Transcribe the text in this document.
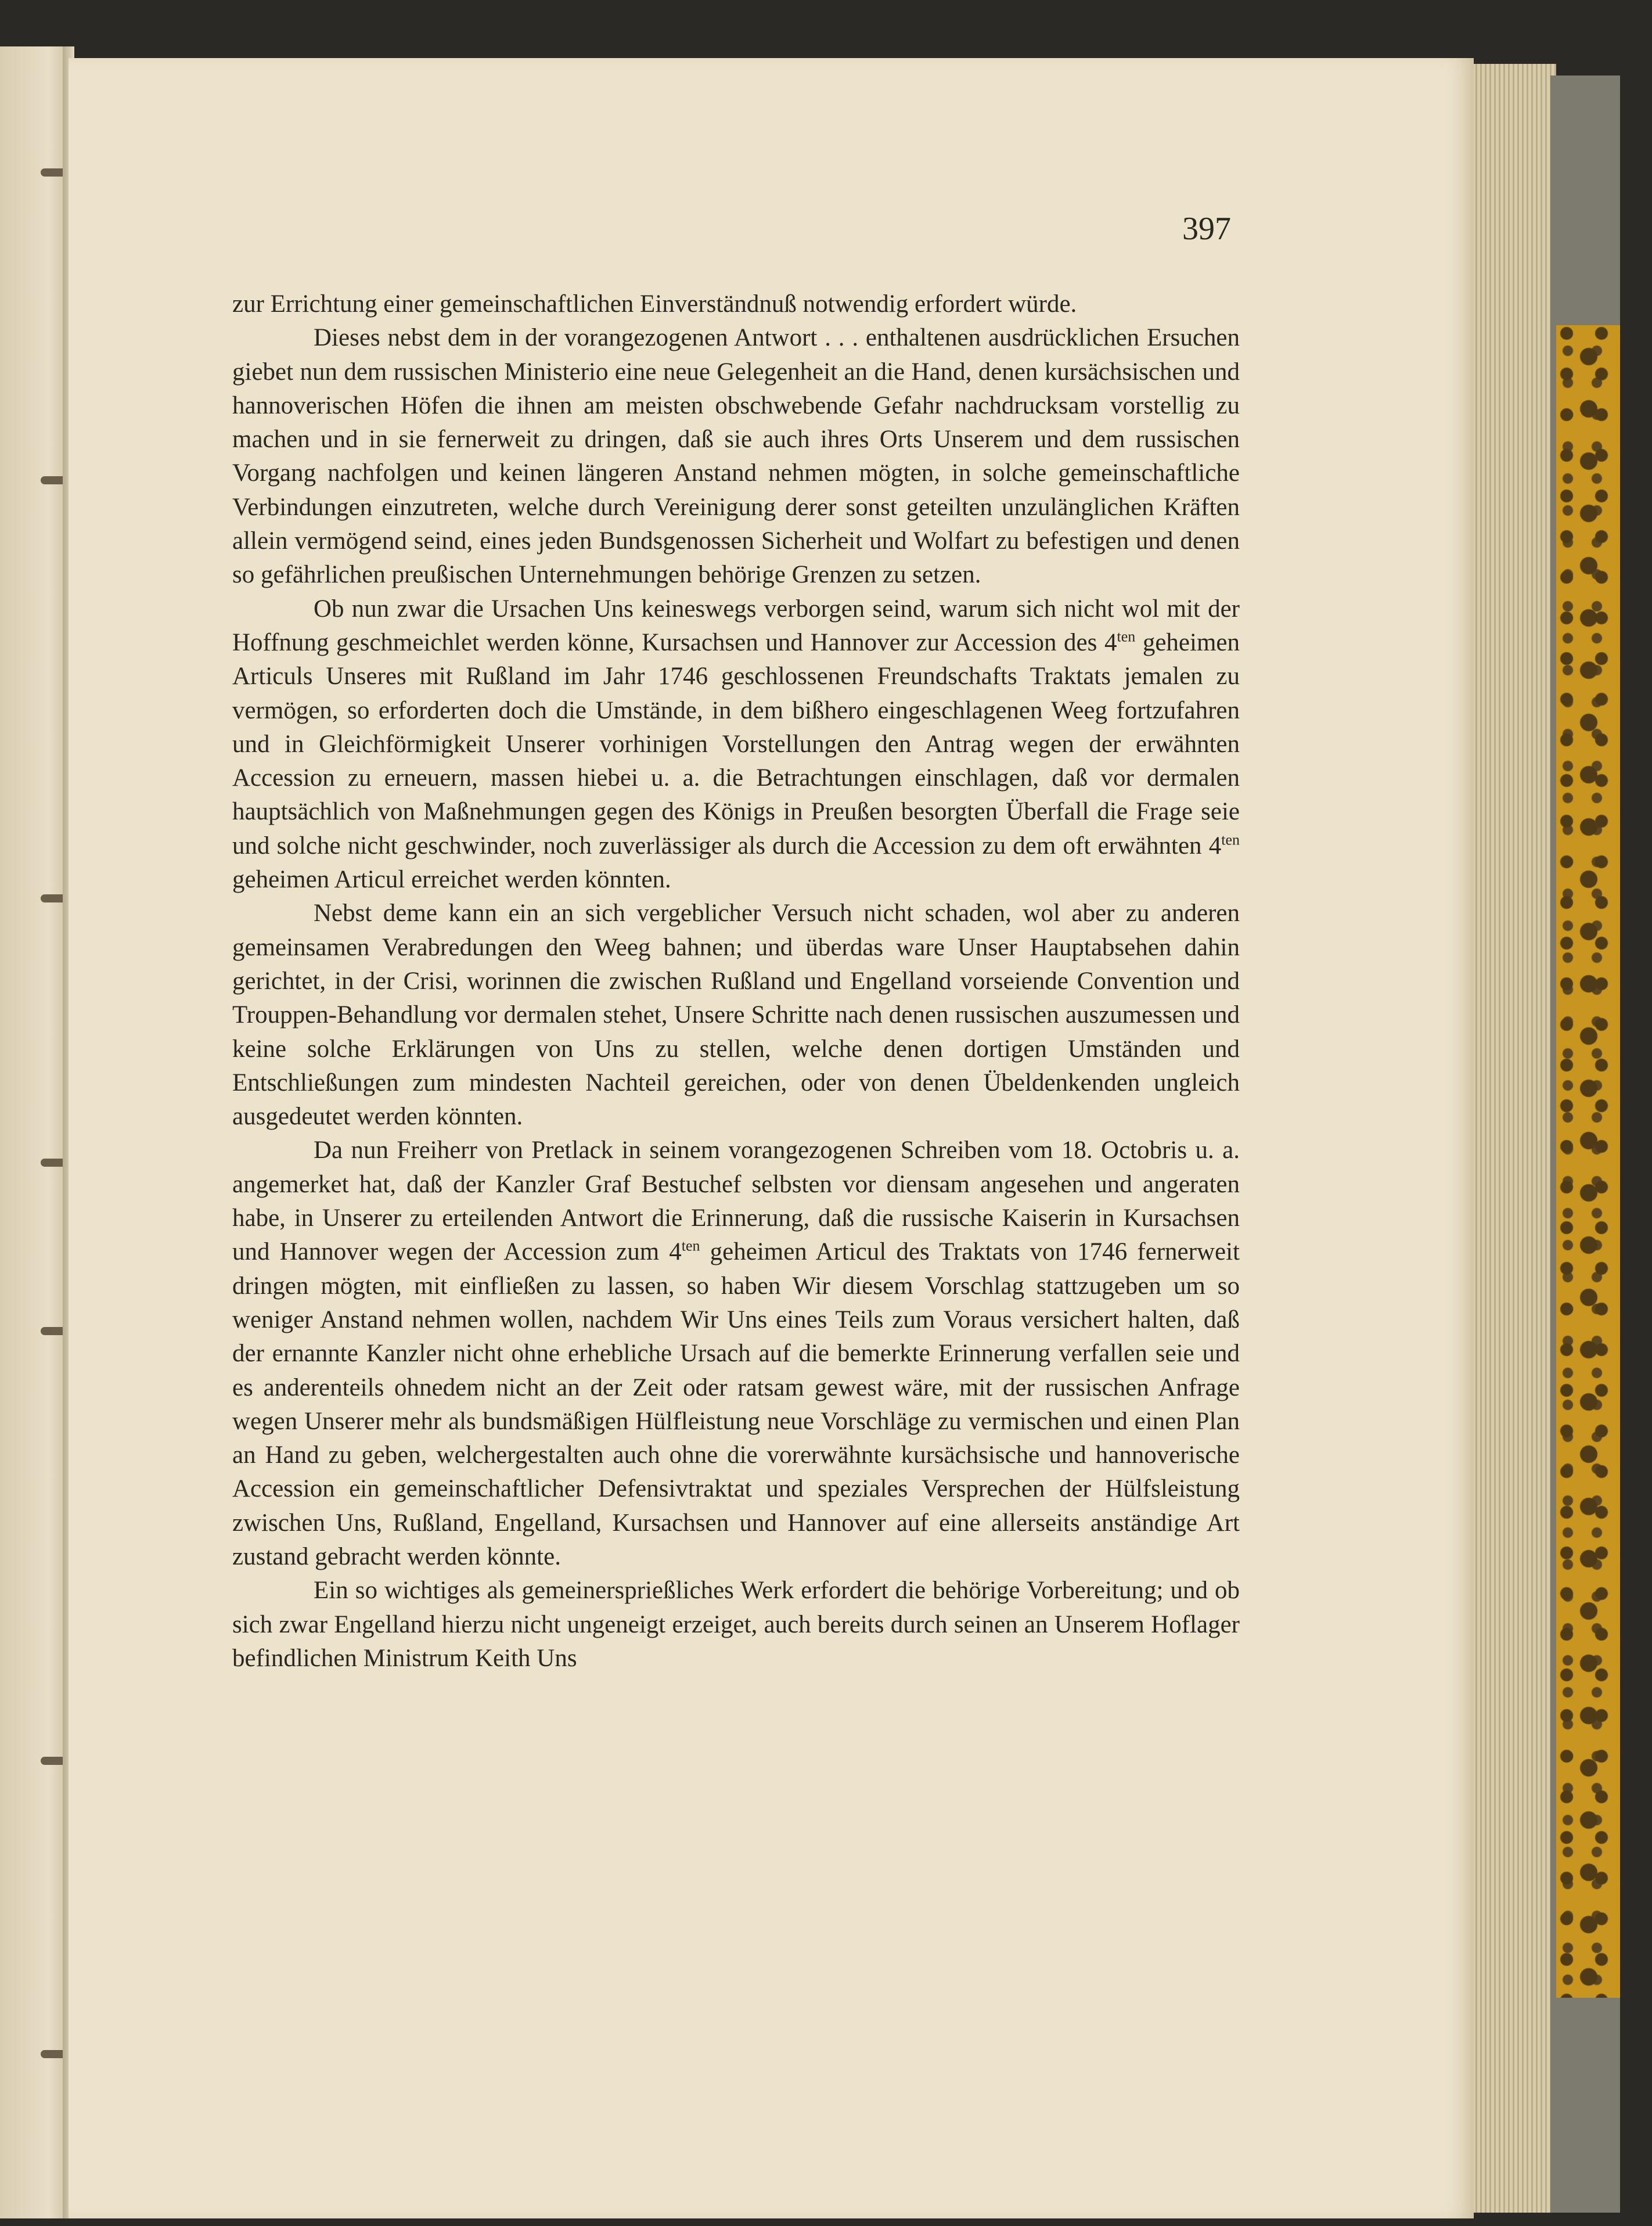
397

zur Errichtung einer gemeinschaftlichen Einverständnuß notwendig erfordert würde.

Dieses nebst dem in der vorangezogenen Antwort . . . enthaltenen ausdrücklichen Ersuchen giebet nun dem russischen Ministerio eine neue Gelegenheit an die Hand, denen kursächsischen und hannoverischen Höfen die ihnen am meisten obschwebende Gefahr nachdrucksam vorstellig zu machen und in sie fernerweit zu dringen, daß sie auch ihres Orts Unserem und dem russischen Vorgang nachfolgen und keinen längeren Anstand nehmen mögten, in solche gemeinschaftliche Verbindungen einzutreten, welche durch Vereinigung derer sonst geteilten unzulänglichen Kräften allein vermögend seind, eines jeden Bundsgenossen Sicherheit und Wolfart zu befestigen und denen so gefährlichen preußischen Unternehmungen behörige Grenzen zu setzen.

Ob nun zwar die Ursachen Uns keineswegs verborgen seind, warum sich nicht wol mit der Hoffnung geschmeichlet werden könne, Kursachsen und Hannover zur Accession des $4^{ten}$ geheimen Articuls Unseres mit Rußland im Jahr 1746 geschlossenen Freundschafts Traktats jemalen zu vermögen, so erforderten doch die Umstände, in dem bißhero eingeschlagenen Weeg fortzufahren und in Gleichförmigkeit Unserer vorhinigen Vorstellungen den Antrag wegen der erwähnten Accession zu erneuern, massen hiebei u. a. die Betrachtungen einschlagen, daß vor dermalen hauptsächlich von Maßnehmungen gegen des Königs in Preußen besorgten Überfall die Frage seie und solche nicht geschwinder, noch zuverlässiger als durch die Accession zu dem oft erwähnten $4^{ten}$ geheimen Articul erreichet werden könnten.

Nebst deme kann ein an sich vergeblicher Versuch nicht schaden, wol aber zu anderen gemeinsamen Verabredungen den Weeg bahnen; und überdas ware Unser Hauptabsehen dahin gerichtet, in der Crisi, worinnen die zwischen Rußland und Engelland vorseiende Convention und Trouppen-Behandlung vor dermalen stehet, Unsere Schritte nach denen russischen auszumessen und keine solche Erklärungen von Uns zu stellen, welche denen dortigen Umständen und Entschließungen zum mindesten Nachteil gereichen, oder von denen Übeldenkenden ungleich ausgedeutet werden könnten.

Da nun Freiherr von Pretlack in seinem vorangezogenen Schreiben vom 18. Octobris u. a. angemerket hat, daß der Kanzler Graf Bestuchef selbsten vor diensam angesehen und angeraten habe, in Unserer zu erteilenden Antwort die Erinnerung, daß die russische Kaiserin in Kursachsen und Hannover wegen der Accession zum $4^{ten}$ geheimen Articul des Traktats von 1746 fernerweit dringen mögten, mit einfließen zu lassen, so haben Wir diesem Vorschlag stattzugeben um so weniger Anstand nehmen wollen, nachdem Wir Uns eines Teils zum Voraus versichert halten, daß der ernannte Kanzler nicht ohne erhebliche Ursach auf die bemerkte Erinnerung verfallen seie und es anderenteils ohnedem nicht an der Zeit oder ratsam gewest wäre, mit der russischen Anfrage wegen Unserer mehr als bundsmäßigen Hülfleistung neue Vorschläge zu vermischen und einen Plan an Hand zu geben, welchergestalten auch ohne die vorerwähnte kursächsische und hannoverische Accession ein gemeinschaftlicher Defensivtraktat und speziales Versprechen der Hülfsleistung zwischen Uns, Rußland, Engelland, Kursachsen und Hannover auf eine allerseits anständige Art zustand gebracht werden könnte.

Ein so wichtiges als gemeinersprießliches Werk erfordert die behörige Vorbereitung; und ob sich zwar Engelland hierzu nicht ungeneigt erzeiget, auch bereits durch seinen an Unserem Hoflager befindlichen Ministrum Keith Uns
